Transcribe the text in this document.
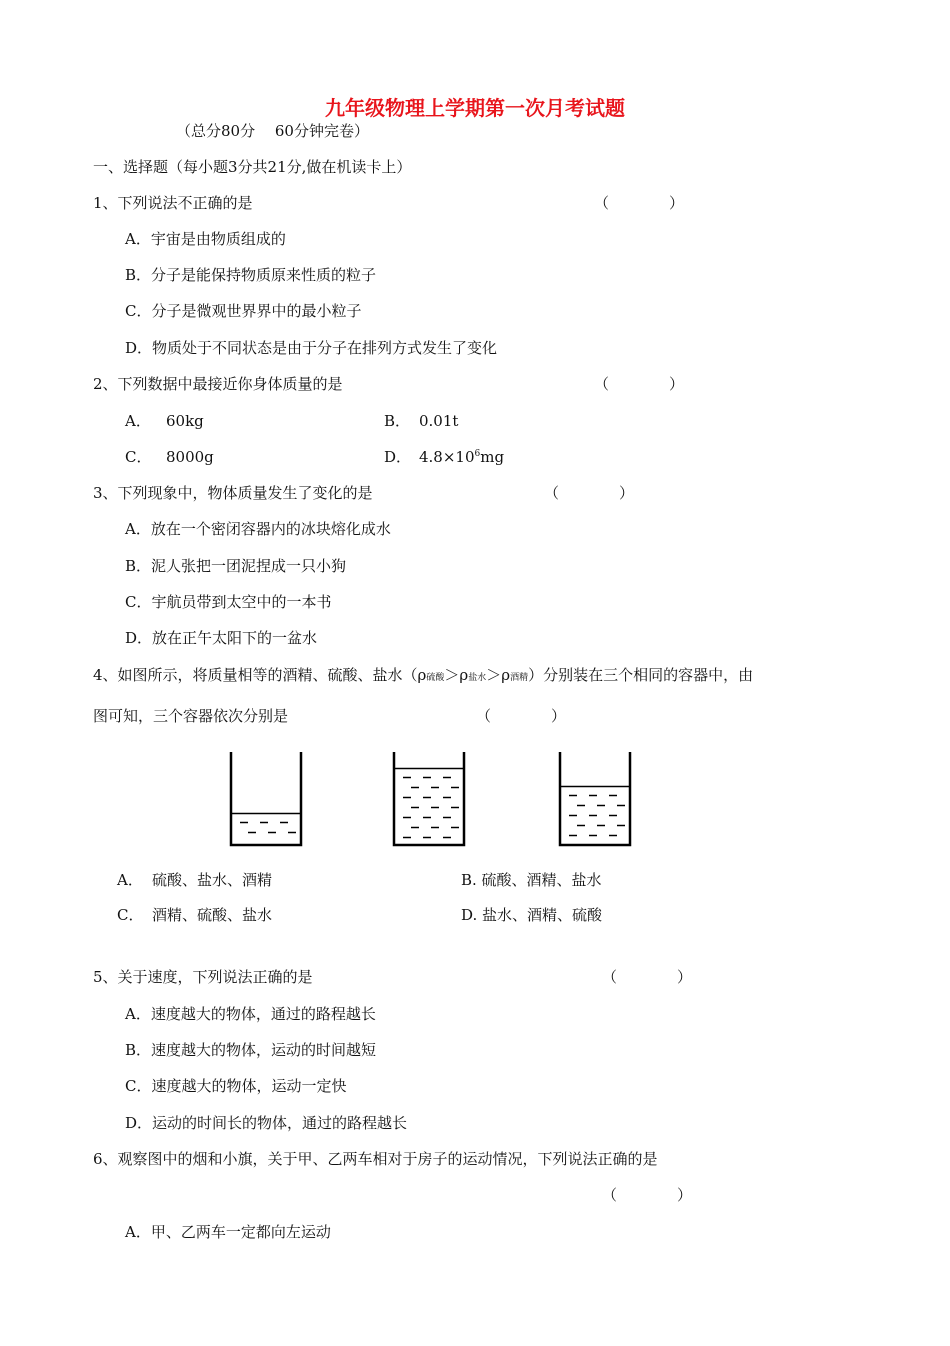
九年级物理上学期第一次月考试题
（总分80分　 60分钟完卷）
一、选择题（每小题3分共21分,做在机读卡上）
1、下列说法不正确的是	（　　　　）
A．宇宙是由物质组成的
B．分子是能保持物质原来性质的粒子
C．分子是微观世界界中的最小粒子
D．物质处于不同状态是由于分子在排列方式发生了变化
2、下列数据中最接近你身体质量的是	（　　　　）
A． 60kg	B． 0.01t
C． 8000g	D． $4.8\times 10^6mg$
3、下列现象中，物体质量发生了变化的是	（　　　　）
A．放在一个密闭容器内的冰块熔化成水
B．泥人张把一团泥捏成一只小狗
C．宇航员带到太空中的一本书
D．放在正午太阳下的一盆水
4、如图所示，将质量相等的酒精、硫酸、盐水（ρ硫酸＞ρ盐水＞ρ酒精）分别装在三个相同的容器中，由
图可知，三个容器依次分别是	（　　　　）
A． 硫酸、盐水、酒精	B. 硫酸、酒精、盐水
C． 酒精、硫酸、盐水	D. 盐水、酒精、硫酸
5、关于速度，下列说法正确的是	（　　　　）
A．速度越大的物体，通过的路程越长
B．速度越大的物体，运动的时间越短
C．速度越大的物体，运动一定快
D．运动的时间长的物体，通过的路程越长
6、观察图中的烟和小旗，关于甲、乙两车相对于房子的运动情况，下列说法正确的是
（　　　　）
A．甲、乙两车一定都向左运动
